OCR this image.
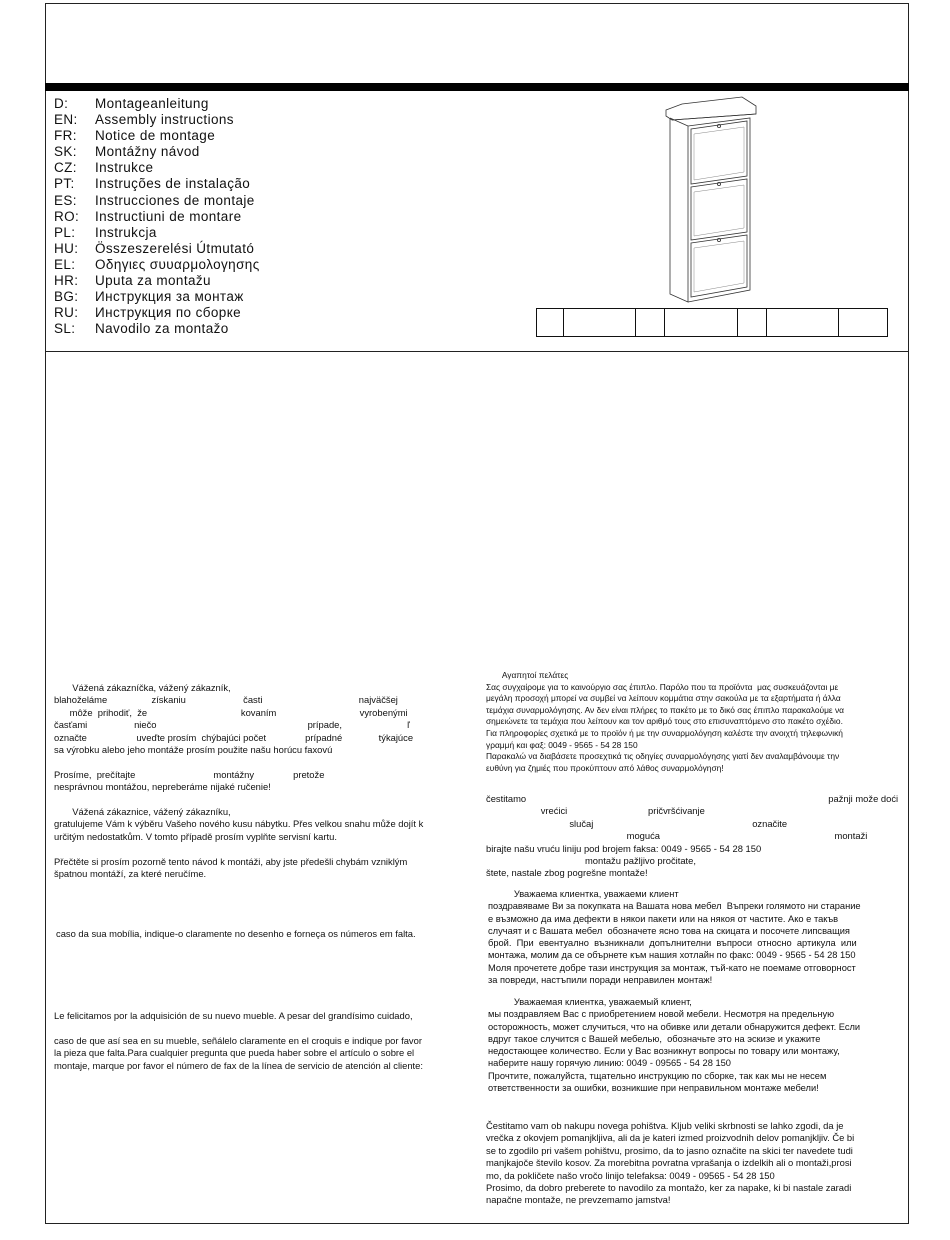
D:	Montageanleitung
EN:	Assembly instructions
FR:	Notice de montage
SK:	Montážny návod
CZ:	Instrukce
PT:	Instruções de instalação
ES:	Instrucciones de montaje
RO:	Instructiuni de montare
PL:	Instrukcja
HU:	Összeszerelési Útmutató
EL:	Οδηγιες συυαρμολογησης
HR:	Uputa za montažu
BG:	Инструкция за монтаж
RU:	Инструкция по сборке
SL:	Navodilo za montažo

Vážená zákazníčka, vážený zákazník,
blahoželáme                 získaniu                      časti                                     najväčšej
môže  prihodiť,  že                                    kovaním                                vyrobenými
časťami                  niečo                                                          prípade,                         ľ
označte                   uveďte prosím  chýbajúci počet               prípadné              týkajúce
sa výrobku alebo jeho montáže prosím použite našu horúcu faxovú

Prosíme,  prečítajte                              montážny               pretože
nesprávnou montážou, nepreberáme nijaké ručenie!

Vážená zákaznice, vážený zákazníku,
gratulujeme Vám k výběru Vašeho nového kusu nábytku. Přes velkou snahu může dojít k
určitým nedostatkům. V tomto případě prosím vyplňte servisní kartu.

Přečtěte si prosím pozorně tento návod k montáži, aby jste předešli chybám vzniklým
špatnou montáží, za které neručíme.

caso da sua mobília, indique-o claramente no desenho e forneça os números em falta.

Le felicitamos por la adquisición de su nuevo mueble. A pesar del grandísimo cuidado,

caso de que así sea en su mueble, señálelo claramente en el croquis e indique por favor
la pieza que falta.Para cualquier pregunta que pueda haber sobre el artículo o sobre el
montaje, marque por favor el número de fax de la línea de servicio de atención al cliente:

Αγαπητοί πελάτες
Σας συγχαίρομε για το καινούργιο σας έπιπλο. Παρόλο που τα προϊόντα  μας συσκευάζονται με
μεγάλη προσοχή μπορεί να συμβεί να λείπουν κομμάτια στην σακούλα με τα εξαρτήματα ή άλλα
τεμάχια συναρμολόγησης. Αν δεν είναι πλήρες το πακέτο με το δικό σας έπιπλο παρακαλούμε να
σημειώνετε τα τεμάχια που λείπουν και τον αριθμό τους στο επισυναπτόμενο στο πακέτο σχέδιο.
Για πληροφορίες σχετικά με το προϊόν ή με την συναρμολόγηση καλέστε την ανοιχτή τηλεφωνική
γραμμή και φαξ: 0049 - 9565 - 54 28 150
Παρακαλώ να διαβάσετε προσεχτικά τις οδηγίες συναρμολόγησης γιατί δεν αναλαμβάνουμε την
ευθύνη για ζημιές που προκύπτουν από λάθος συναρμολόγηση!

čestitamo                                                                                                                    pažnji može doći
vrećici                               pričvršćivanje
slučaj                                                             označite
moguća                                                                   montaži
birajte našu vruću liniju pod brojem faksa: 0049 - 9565 - 54 28 150
montažu pažljivo pročitate,
štete, nastale zbog pogrešne montaže!

Уважаема клиентка, уважаеми клиент
поздравяваме Ви за покупката на Вашата нова мебел  Въпреки голямото ни старание
е възможно да има дефекти в някои пакети или на някоя от частите. Ако е такъв
случаят и с Вашата мебел  обозначете ясно това на скицата и посочете липсващия
брой.  При  евентуално  възникнали  допълнителни  въпроси  относно  артикула  или
монтажа, молим да се обърнете към нашия хотлайн по факс: 0049 - 9565 - 54 28 150
Моля прочетете добре тази инструкция за монтаж, тъй-като не поемаме отговорност
за повреди, настъпили поради неправилен монтаж!

Уважаемая клиентка, уважаемый клиент,
мы поздравляем Вас с приобретением новой мебели. Несмотря на предельную
осторожность, может случиться, что на обивке или детали обнаружится дефект. Если
вдруг такое случится с Вашей мебелью,  обозначьте это на эскизе и укажите
недостающее количество. Если у Вас возникнут вопросы по товару или монтажу,
наберите нашу горячую линию: 0049 - 09565 - 54 28 150
Прочтите, пожалуйста, тщательно инструкцию по сборке, так как мы не несем
ответственности за ошибки, возникшие при неправильном монтаже мебели!

Čestitamo vam ob nakupu novega pohištva. Kljub veliki skrbnosti se lahko zgodi, da je
vrečka z okovjem pomanjkljiva, ali da je kateri izmed proizvodnih delov pomanjkljiv. Če bi
se to zgodilo pri vašem pohištvu, prosimo, da to jasno označite na skici ter navedete tudi
manjkajoče število kosov. Za morebitna povratna vprašanja o izdelkih ali o montaži,prosi
mo, da pokličete našo vročo linijo telefaksa: 0049 - 09565 - 54 28 150
Prosimo, da dobro preberete to navodilo za montažo, ker za napake, ki bi nastale zaradi
napačne montaže, ne prevzemamo jamstva!
